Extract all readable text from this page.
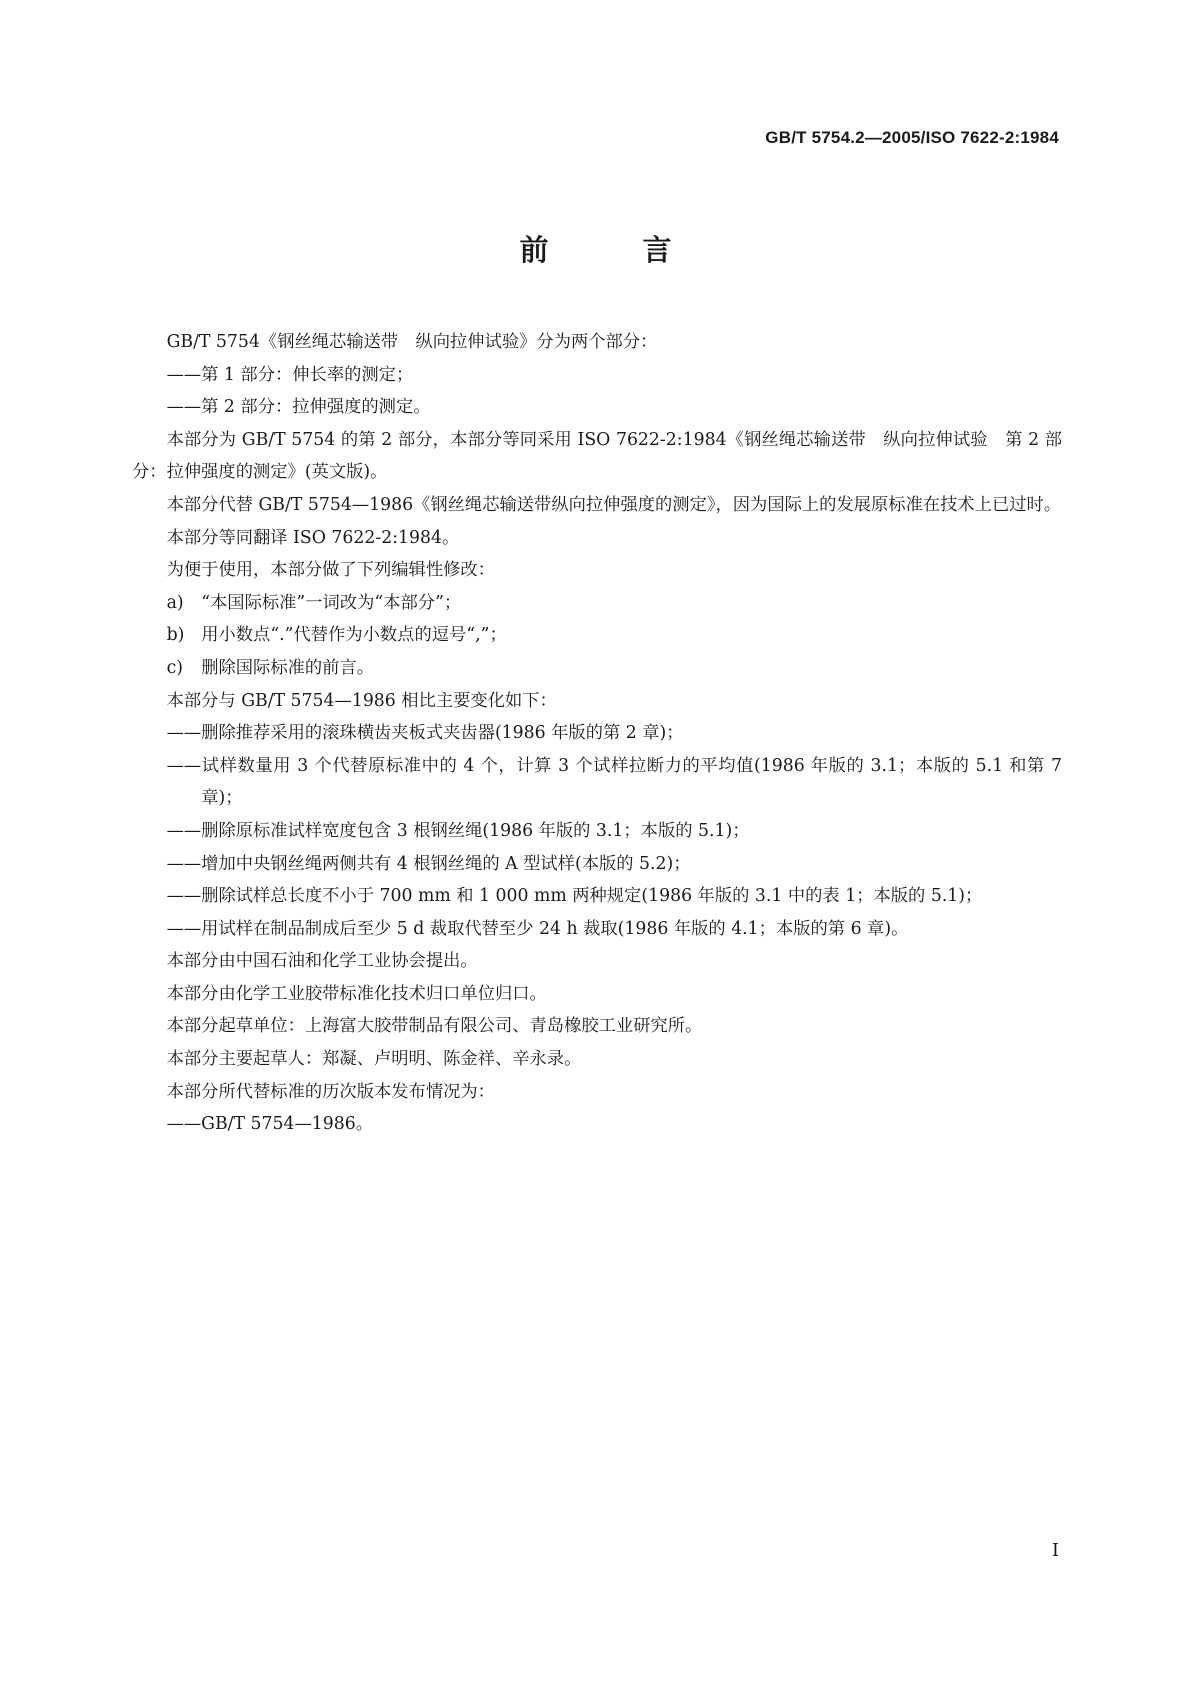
GB/T 5754.2—2005/ISO 7622-2:1984
前 言

GB/T 5754《钢丝绳芯输送带　纵向拉伸试验》分为两个部分：

——第 1 部分：伸长率的测定；

——第 2 部分：拉伸强度的测定。

本部分为 GB/T 5754 的第 2 部分，本部分等同采用 ISO 7622-2:1984《钢丝绳芯输送带　纵向拉伸试验　第 2 部分：拉伸强度的测定》(英文版)。

本部分代替 GB/T 5754—1986《钢丝绳芯输送带纵向拉伸强度的测定》，因为国际上的发展原标准在技术上已过时。

本部分等同翻译 ISO 7622-2:1984。

为便于使用，本部分做了下列编辑性修改：

a) “本国际标准”一词改为“本部分”；

b) 用小数点“.”代替作为小数点的逗号“,”；

c) 删除国际标准的前言。

本部分与 GB/T 5754—1986 相比主要变化如下：

——删除推荐采用的滚珠横齿夹板式夹齿器(1986 年版的第 2 章)；

——试样数量用 3 个代替原标准中的 4 个，计算 3 个试样拉断力的平均值(1986 年版的 3.1；本版的 5.1 和第 7 章)；

——删除原标准试样宽度包含 3 根钢丝绳(1986 年版的 3.1；本版的 5.1)；

——增加中央钢丝绳两侧共有 4 根钢丝绳的 A 型试样(本版的 5.2)；

——删除试样总长度不小于 700 mm 和 1 000 mm 两种规定(1986 年版的 3.1 中的表 1；本版的 5.1)；

——用试样在制品制成后至少 5 d 裁取代替至少 24 h 裁取(1986 年版的 4.1；本版的第 6 章)。

本部分由中国石油和化学工业协会提出。

本部分由化学工业胶带标准化技术归口单位归口。

本部分起草单位：上海富大胶带制品有限公司、青岛橡胶工业研究所。

本部分主要起草人：郑凝、卢明明、陈金祥、辛永录。

本部分所代替标准的历次版本发布情况为：

——GB/T 5754—1986。

I
